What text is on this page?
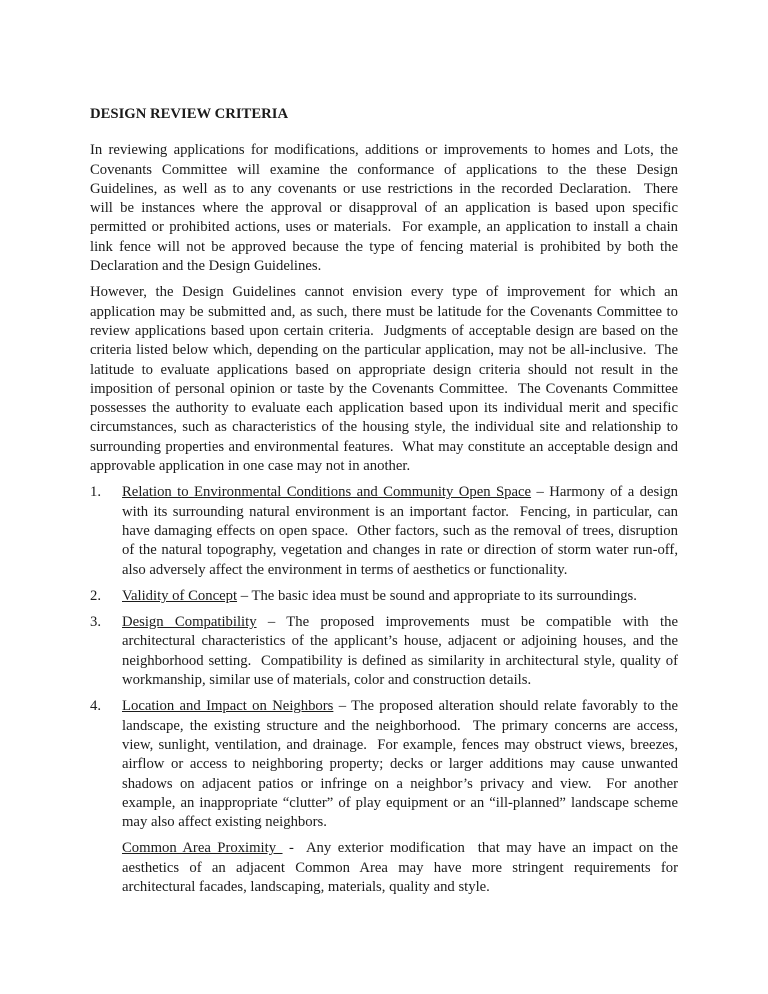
DESIGN REVIEW CRITERIA
In reviewing applications for modifications, additions or improvements to homes and Lots, the
Covenants Committee will examine the conformance of applications to the these Design
Guidelines, as well as to any covenants or use restrictions in the recorded Declaration.  There
will be instances where the approval or disapproval of an application is based upon specific
permitted or prohibited actions, uses or materials.  For example, an application to install a chain
link fence will not be approved because the type of fencing material is prohibited by both the
Declaration and the Design Guidelines.
However, the Design Guidelines cannot envision every type of improvement for which an
application may be submitted and, as such, there must be latitude for the Covenants Committee to
review applications based upon certain criteria.  Judgments of acceptable design are based on the
criteria listed below which, depending on the particular application, may not be all-inclusive.  The
latitude to evaluate applications based on appropriate design criteria should not result in the
imposition of personal opinion or taste by the Covenants Committee.  The Covenants Committee
possesses the authority to evaluate each application based upon its individual merit and specific
circumstances, such as characteristics of the housing style, the individual site and relationship to
surrounding properties and environmental features.  What may constitute an acceptable design and
approvable application in one case may not in another.
1.	Relation to Environmental Conditions and Community Open Space – Harmony of a design
with its surrounding natural environment is an important factor.  Fencing, in particular, can
have damaging effects on open space.  Other factors, such as the removal of trees, disruption
of the natural topography, vegetation and changes in rate or direction of storm water run-off,
also adversely affect the environment in terms of aesthetics or functionality.
2.	Validity of Concept – The basic idea must be sound and appropriate to its surroundings.
3.	Design Compatibility – The proposed improvements must be compatible with the
architectural characteristics of the applicant’s house, adjacent or adjoining houses, and the
neighborhood setting.  Compatibility is defined as similarity in architectural style, quality of
workmanship, similar use of materials, color and construction details.
4.	Location and Impact on Neighbors – The proposed alteration should relate favorably to the
landscape, the existing structure and the neighborhood.  The primary concerns are access,
view, sunlight, ventilation, and drainage.  For example, fences may obstruct views, breezes,
airflow or access to neighboring property; decks or larger additions may cause unwanted
shadows on adjacent patios or infringe on a neighbor’s privacy and view.  For another
example, an inappropriate “clutter” of play equipment or an “ill-planned” landscape scheme
may also affect existing neighbors.
Common Area Proximity  -  Any exterior modification  that may have an impact on the
aesthetics of an adjacent Common Area may have more stringent requirements for
architectural facades, landscaping, materials, quality and style.
